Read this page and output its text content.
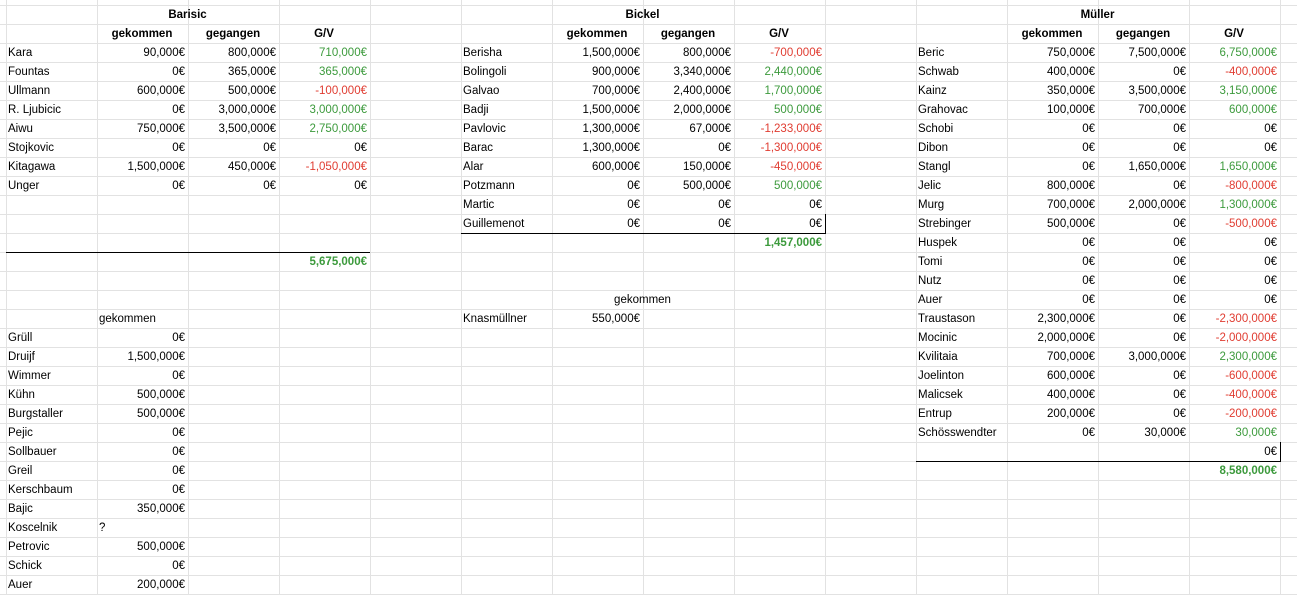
Barisic
gekommen	gegangen	G/V
Kara	90,000€	800,000€	710,000€
Fountas	0€	365,000€	365,000€
Ullmann	600,000€	500,000€	-100,000€
R. Ljubicic	0€	3,000,000€	3,000,000€
Aiwu	750,000€	3,500,000€	2,750,000€
Stojkovic	0€	0€	0€
Kitagawa	1,500,000€	450,000€	-1,050,000€
Unger	0€	0€	0€
5,675,000€
gekommen
Grüll	0€
Druijf	1,500,000€
Wimmer	0€
Kühn	500,000€
Burgstaller	500,000€
Pejic	0€
Sollbauer	0€
Greil	0€
Kerschbaum	0€
Bajic	350,000€
Koscelnik	?
Petrovic	500,000€
Schick	0€
Auer	200,000€
Bickel
gekommen	gegangen	G/V
Berisha	1,500,000€	800,000€	-700,000€
Bolingoli	900,000€	3,340,000€	2,440,000€
Galvao	700,000€	2,400,000€	1,700,000€
Badji	1,500,000€	2,000,000€	500,000€
Pavlovic	1,300,000€	67,000€	-1,233,000€
Barac	1,300,000€	0€	-1,300,000€
Alar	600,000€	150,000€	-450,000€
Potzmann	0€	500,000€	500,000€
Martic	0€	0€	0€
Guillemenot	0€	0€	0€
1,457,000€
gekommen
Knasmüllner	550,000€
Müller
gekommen	gegangen	G/V
Beric	750,000€	7,500,000€	6,750,000€
Schwab	400,000€	0€	-400,000€
Kainz	350,000€	3,500,000€	3,150,000€
Grahovac	100,000€	700,000€	600,000€
Schobi	0€	0€	0€
Dibon	0€	0€	0€
Stangl	0€	1,650,000€	1,650,000€
Jelic	800,000€	0€	-800,000€
Murg	700,000€	2,000,000€	1,300,000€
Strebinger	500,000€	0€	-500,000€
Huspek	0€	0€	0€
Tomi	0€	0€	0€
Nutz	0€	0€	0€
Auer	0€	0€	0€
Traustason	2,300,000€	0€	-2,300,000€
Mocinic	2,000,000€	0€	-2,000,000€
Kvilitaia	700,000€	3,000,000€	2,300,000€
Joelinton	600,000€	0€	-600,000€
Malicsek	400,000€	0€	-400,000€
Entrup	200,000€	0€	-200,000€
Schösswendter	0€	30,000€	30,000€
0€
8,580,000€
